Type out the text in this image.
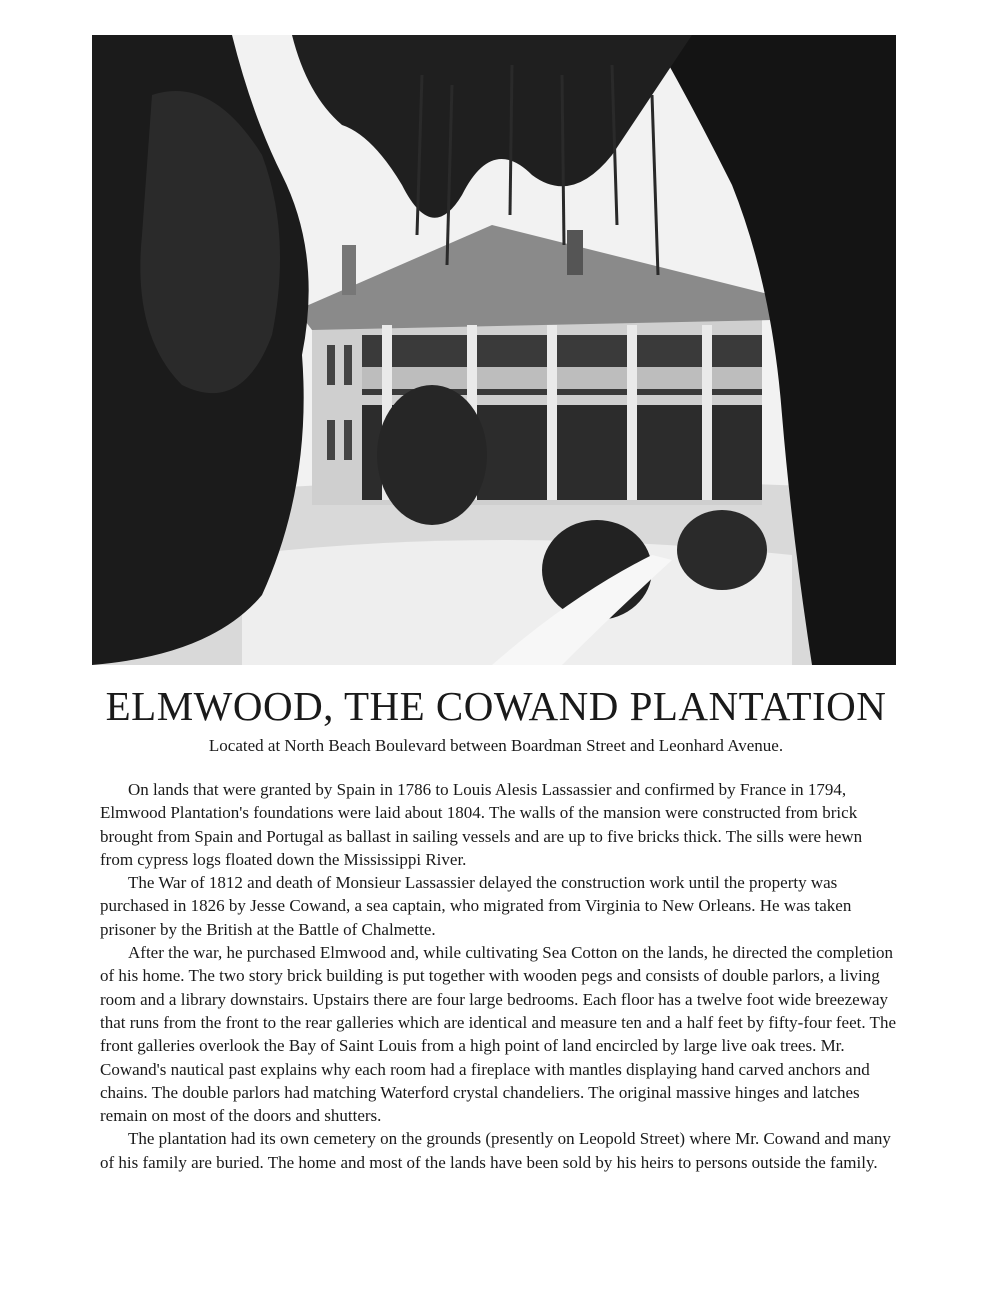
ELMWOOD, THE COWAND PLANTATION

Located at North Beach Boulevard between Boardman Street and Leonhard Avenue.

On lands that were granted by Spain in 1786 to Louis Alesis Lassassier and confirmed by France in 1794, Elmwood Plantation's foundations were laid about 1804. The walls of the mansion were constructed from brick brought from Spain and Portugal as ballast in sailing vessels and are up to five bricks thick. The sills were hewn from cypress logs floated down the Mississippi River.

The War of 1812 and death of Monsieur Lassassier delayed the construction work until the property was purchased in 1826 by Jesse Cowand, a sea captain, who migrated from Virginia to New Orleans. He was taken prisoner by the British at the Battle of Chalmette.

After the war, he purchased Elmwood and, while cultivating Sea Cotton on the lands, he directed the completion of his home. The two story brick building is put together with wooden pegs and consists of double parlors, a living room and a library downstairs. Upstairs there are four large bedrooms. Each floor has a twelve foot wide breezeway that runs from the front to the rear galleries which are identical and measure ten and a half feet by fifty-four feet. The front galleries overlook the Bay of Saint Louis from a high point of land encircled by large live oak trees. Mr. Cowand's nautical past explains why each room had a fireplace with mantles displaying hand carved anchors and chains. The double parlors had matching Waterford crystal chandeliers. The original massive hinges and latches remain on most of the doors and shutters.

The plantation had its own cemetery on the grounds (presently on Leopold Street) where Mr. Cowand and many of his family are buried. The home and most of the lands have been sold by his heirs to persons outside the family.
